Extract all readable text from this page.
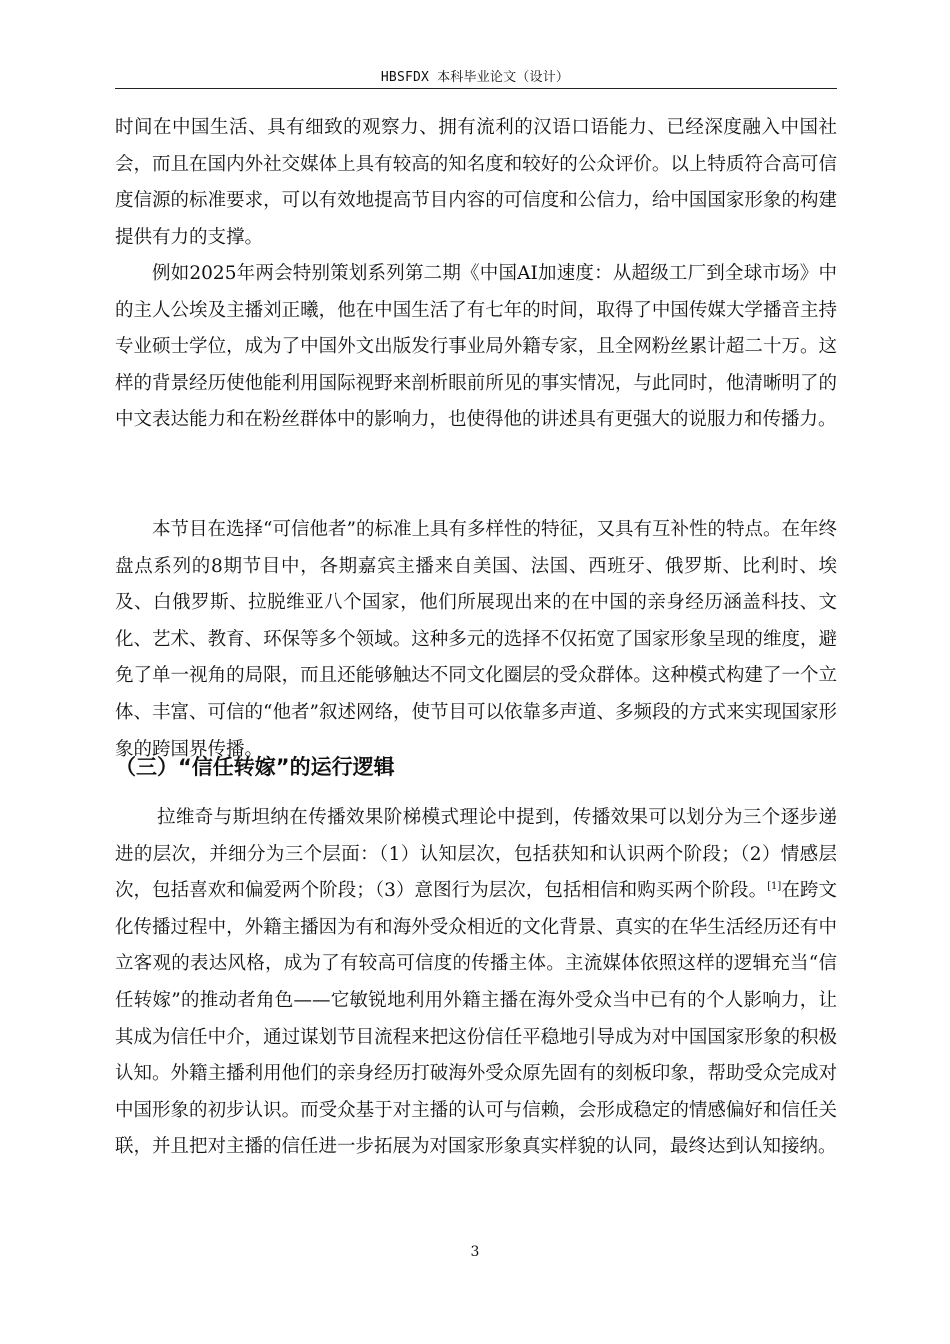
HBSFDX 本科毕业论文（设计）

时间在中国生活、具有细致的观察力、拥有流利的汉语口语能力、已经深度融入中国社会，而且在国内外社交媒体上具有较高的知名度和较好的公众评价。以上特质符合高可信度信源的标准要求，可以有效地提高节目内容的可信度和公信力，给中国国家形象的构建提供有力的支撑。

例如2025年两会特别策划系列第二期《中国AI加速度：从超级工厂到全球市场》中的主人公埃及主播刘正曦，他在中国生活了有七年的时间，取得了中国传媒大学播音主持专业硕士学位，成为了中国外文出版发行事业局外籍专家，且全网粉丝累计超二十万。这样的背景经历使他能利用国际视野来剖析眼前所见的事实情况，与此同时，他清晰明了的中文表达能力和在粉丝群体中的影响力，也使得他的讲述具有更强大的说服力和传播力。

本节目在选择“可信他者”的标准上具有多样性的特征，又具有互补性的特点。在年终盘点系列的8期节目中，各期嘉宾主播来自美国、法国、西班牙、俄罗斯、比利时、埃及、白俄罗斯、拉脱维亚八个国家，他们所展现出来的在中国的亲身经历涵盖科技、文化、艺术、教育、环保等多个领域。这种多元的选择不仅拓宽了国家形象呈现的维度，避免了单一视角的局限，而且还能够触达不同文化圈层的受众群体。这种模式构建了一个立体、丰富、可信的“他者”叙述网络，使节目可以依靠多声道、多频段的方式来实现国家形象的跨国界传播。

（三）“信任转嫁”的运行逻辑

拉维奇与斯坦纳在传播效果阶梯模式理论中提到，传播效果可以划分为三个逐步递进的层次，并细分为三个层面：（1）认知层次，包括获知和认识两个阶段；（2）情感层次，包括喜欢和偏爱两个阶段；（3）意图行为层次，包括相信和购买两个阶段。[1]在跨文化传播过程中，外籍主播因为有和海外受众相近的文化背景、真实的在华生活经历还有中立客观的表达风格，成为了有较高可信度的传播主体。主流媒体依照这样的逻辑充当“信任转嫁”的推动者角色——它敏锐地利用外籍主播在海外受众当中已有的个人影响力，让其成为信任中介，通过谋划节目流程来把这份信任平稳地引导成为对中国国家形象的积极认知。外籍主播利用他们的亲身经历打破海外受众原先固有的刻板印象，帮助受众完成对中国形象的初步认识。而受众基于对主播的认可与信赖，会形成稳定的情感偏好和信任关联，并且把对主播的信任进一步拓展为对国家形象真实样貌的认同，最终达到认知接纳。

3
